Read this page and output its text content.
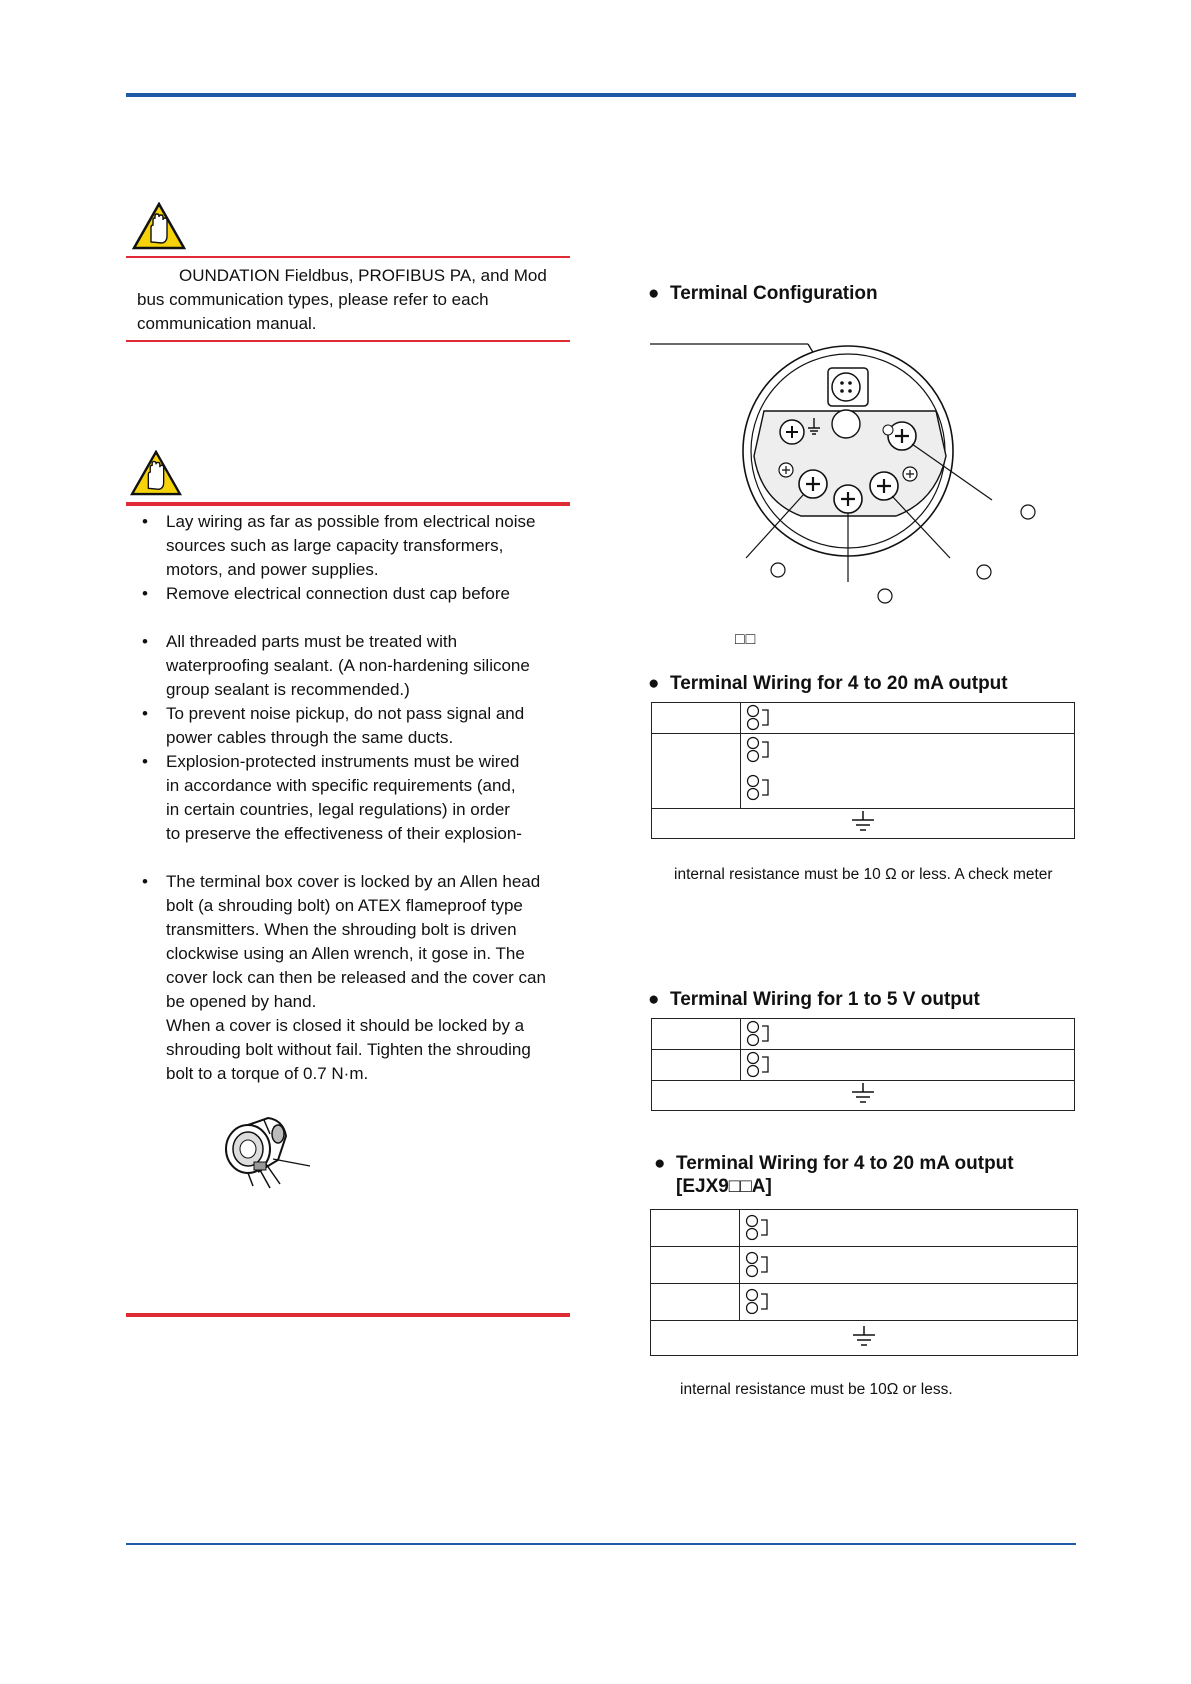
OUNDATION Fieldbus, PROFIBUS PA, and Mod
bus communication types, please refer to each
communication manual.
• Lay wiring as far as possible from electrical noise
sources such as large capacity transformers,
motors, and power supplies.
• Remove electrical connection dust cap before
• All threaded parts must be treated with
waterproofing sealant. (A non-hardening silicone
group sealant is recommended.)
• To prevent noise pickup, do not pass signal and
power cables through the same ducts.
• Explosion-protected instruments must be wired
in accordance with specific requirements (and,
in certain countries, legal regulations) in order
to preserve the effectiveness of their explosion-
• The terminal box cover is locked by an Allen head
bolt (a shrouding bolt) on ATEX flameproof type
transmitters. When the shrouding bolt is driven
clockwise using an Allen wrench, it gose in. The
cover lock can then be released and the cover can
be opened by hand.
When a cover is closed it should be locked by a
shrouding bolt without fail. Tighten the shrouding
bolt to a torque of 0.7 N·m.
● Terminal Configuration
□□
● Terminal Wiring for 4 to 20 mA output

internal resistance must be 10 Ω or less. A check meter
● Terminal Wiring for 1 to 5 V output

● Terminal Wiring for 4 to 20 mA output
[EJX9□□A]

internal resistance must be 10Ω or less.
